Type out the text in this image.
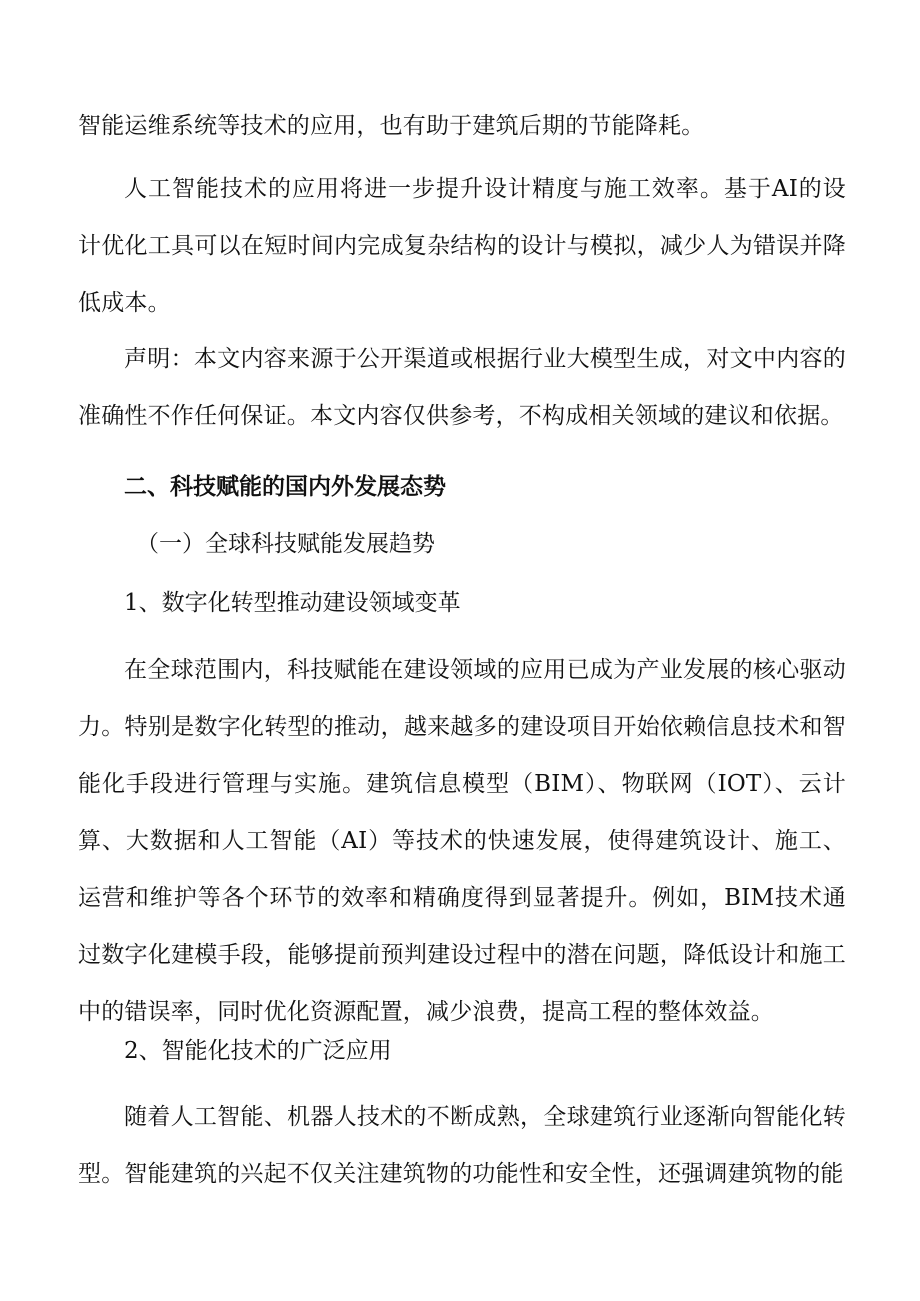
智能运维系统等技术的应用，也有助于建筑后期的节能降耗。

人工智能技术的应用将进一步提升设计精度与施工效率。基于AI的设计优化工具可以在短时间内完成复杂结构的设计与模拟，减少人为错误并降低成本。

声明：本文内容来源于公开渠道或根据行业大模型生成，对文中内容的准确性不作任何保证。本文内容仅供参考，不构成相关领域的建议和依据。

二、科技赋能的国内外发展态势
（一）全球科技赋能发展趋势
1、数字化转型推动建设领域变革

在全球范围内，科技赋能在建设领域的应用已成为产业发展的核心驱动力。特别是数字化转型的推动，越来越多的建设项目开始依赖信息技术和智能化手段进行管理与实施。建筑信息模型（BIM）、物联网（IOT）、云计算、大数据和人工智能（AI）等技术的快速发展，使得建筑设计、施工、运营和维护等各个环节的效率和精确度得到显著提升。例如，BIM技术通过数字化建模手段，能够提前预判建设过程中的潜在问题，降低设计和施工中的错误率，同时优化资源配置，减少浪费，提高工程的整体效益。

2、智能化技术的广泛应用

随着人工智能、机器人技术的不断成熟，全球建筑行业逐渐向智能化转型。智能建筑的兴起不仅关注建筑物的功能性和安全性，还强调建筑物的能
